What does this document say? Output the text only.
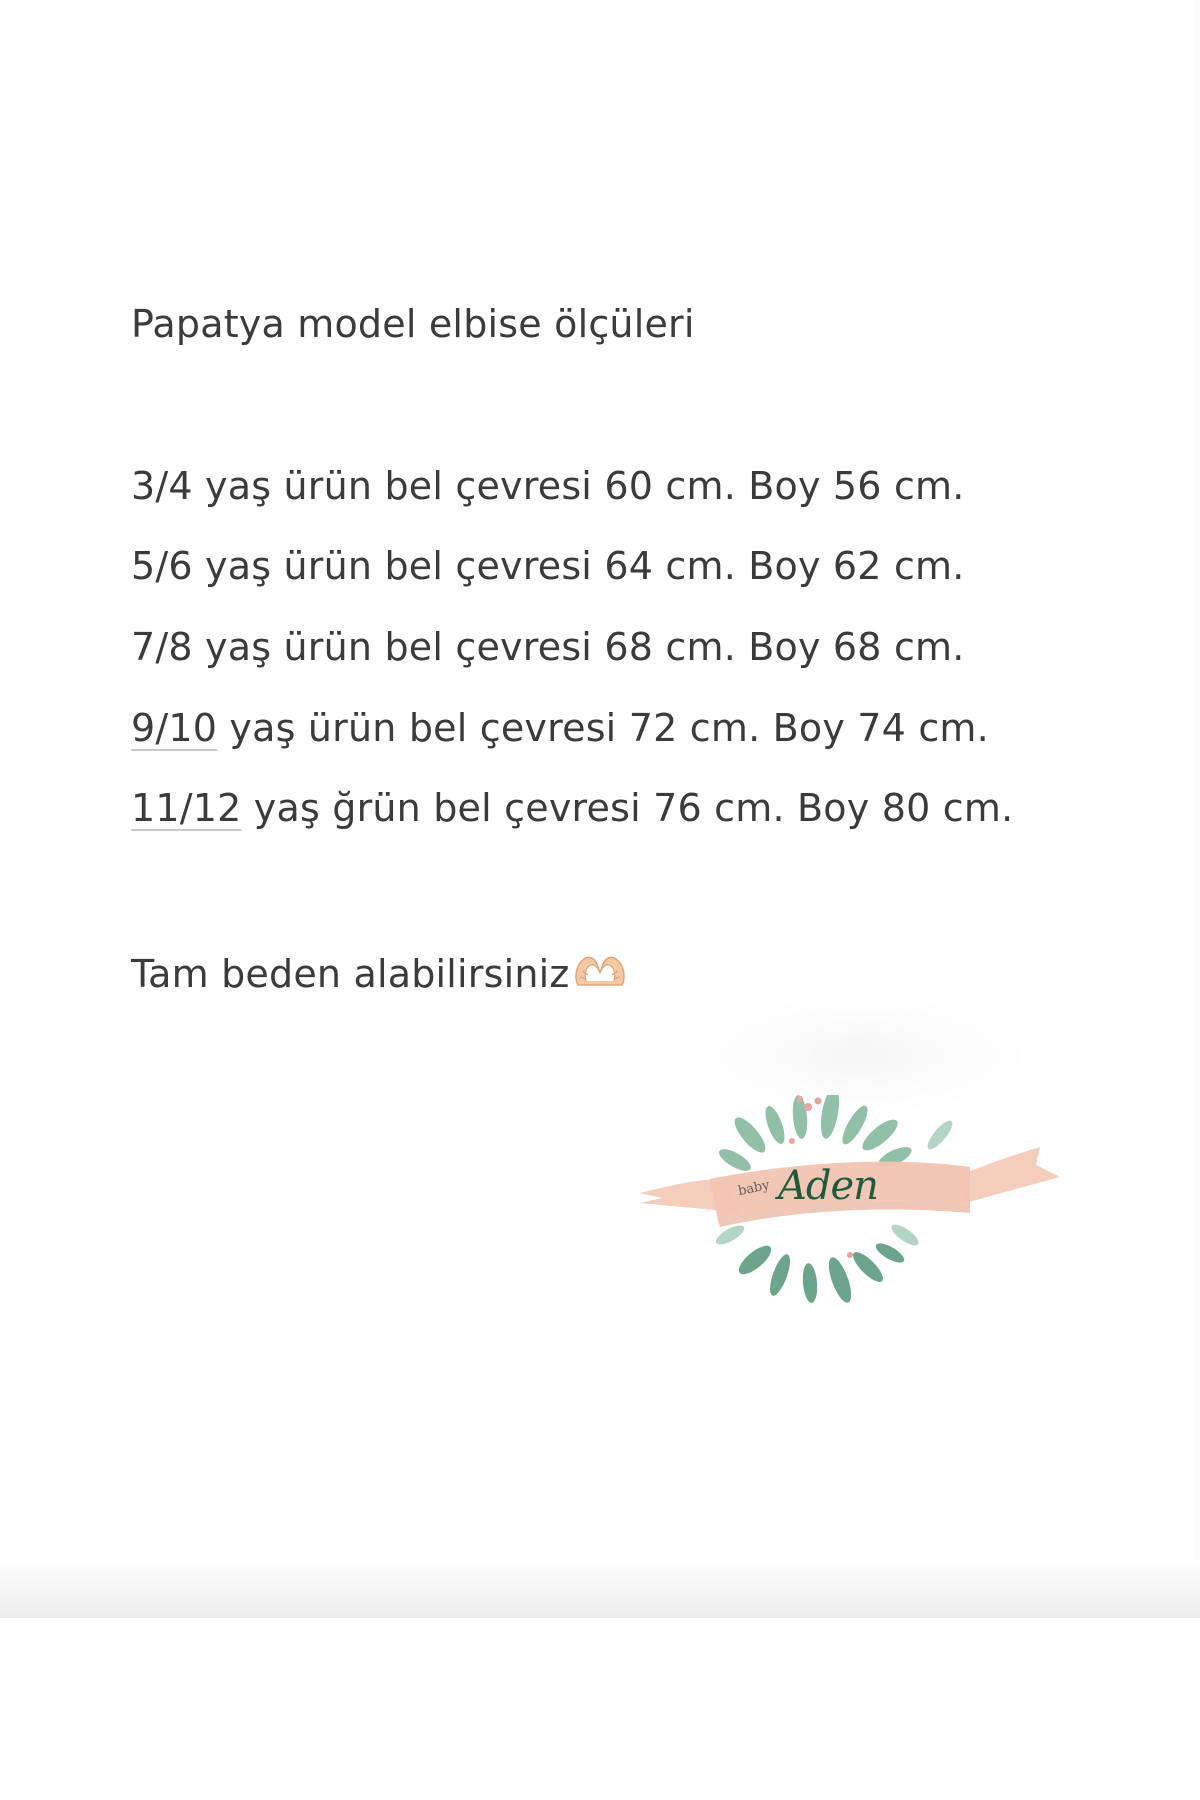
Papatya model elbise ölçüleri
3/4 yaş ürün bel çevresi 60 cm. Boy 56 cm.
5/6 yaş ürün bel çevresi 64 cm. Boy 62 cm.
7/8 yaş ürün bel çevresi 68 cm. Boy 68 cm.
9/10 yaş ürün bel çevresi 72 cm. Boy 74 cm.
11/12 yaş ğrün bel çevresi 76 cm. Boy 80 cm.
Tam beden alabilirsiniz
baby Aden
